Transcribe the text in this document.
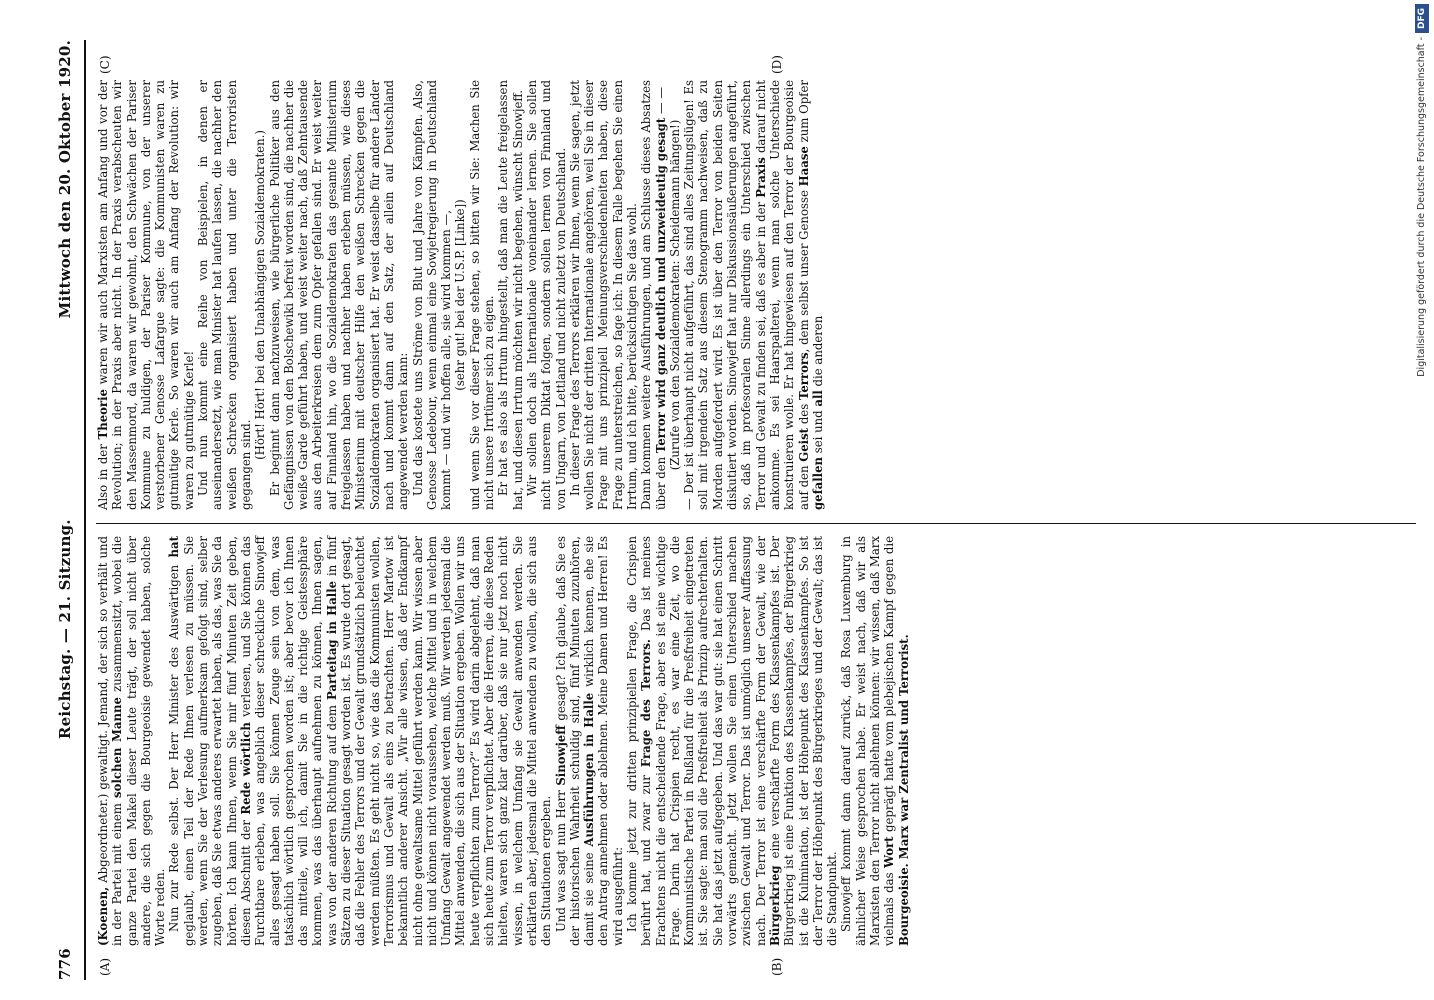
776
Reichstag. — 21. Sitzung.
Mittwoch den 20. Oktober 1920.
(A)	(B)
(C)	(D)

(Koenen, Abgeordneter.) gewaltigt. Jemand, der sich so verhält und in der Partei mit einem solchen Manne zusammensitzt, wobei die ganze Partei den Makel dieser Leute trägt, der soll nicht über andere, die sich gegen die Bourgeoisie gewendet haben, solche Worte reden. Nun zur Rede selbst. Der Herr Minister des Auswärtigen hat geglaubt, einen Teil der Rede Ihnen verlesen zu müssen. Sie werden, wenn Sie der Verlesung aufmerksam gefolgt sind, selber zugeben, daß Sie etwas anderes erwartet haben, als das, was Sie da hörten. Ich kann Ihnen, wenn Sie mir fünf Minuten Zeit geben, diesen Abschnitt der Rede wörtlich verlesen, und Sie können das Furchtbare erleben, was angeblich dieser schreckliche Sinowjeff alles gesagt haben soll. Sie können Zeuge sein von dem, was tatsächlich wörtlich gesprochen worden ist; aber bevor ich Ihnen das mitteile, will ich, damit Sie in die richtige Geistessphäre kommen, was das überhaupt aufnehmen zu können, Ihnen sagen, was von der anderen Richtung auf dem Parteitag in Halle in fünf Sätzen zu dieser Situation gesagt worden ist. Es wurde dort gesagt, daß die Fehler des Terrors und der Gewalt grundsätzlich beleuchtet werden müßten. Es geht nicht so, wie das die Kommunisten wollen, Terrorismus und Gewalt als eins zu betrachten. Herr Martow ist bekanntlich anderer Ansicht. „Wir alle wissen, daß der Endkampf nicht ohne gewaltsame Mittel geführt werden kann. Wir wissen aber nicht und können nicht voraussehen, welche Mittel und in welchem Umfang Gewalt angewendet werden muß. Wir werden jedesmal die Mittel anwenden, die sich aus der Situation ergeben. Wollen wir uns heute verpflichten zum Terror?“ Es wird darin abgelehnt, daß man sich heute zum Terror verpflichtet. Aber die Herren, die diese Reden hielten, waren sich ganz klar darüber, daß sie nur jetzt noch nicht wissen, in welchem Umfang sie Gewalt anwenden werden. Sie erklärten aber, jedesmal die Mittel anwenden zu wollen, die sich aus den Situationen ergeben. Und was sagt nun Herr Sinowjeff gesagt? Ich glaube, daß Sie es der historischen Wahrheit schuldig sind, fünf Minuten zuzuhören, damit sie seine Ausführungen in Halle wirklich kennen, ehe sie den Antrag annehmen oder ablehnen. Meine Damen und Herren! Es wird ausgeführt: Ich komme jetzt zur dritten prinzipiellen Frage, die Crispien berührt hat, und zwar zur Frage des Terrors. Das ist meines Erachtens nicht die entscheidende Frage, aber es ist eine wichtige Frage. Darin hat Crispien recht, es war eine Zeit, wo die Kommunistische Partei in Rußland für die Preßfreiheit eingetreten ist. Sie sagte: man soll die Preßfreiheit als Prinzip aufrechterhalten. Sie hat das jetzt aufgegeben. Und das war gut: sie hat einen Schritt vorwärts gemacht. Jetzt wollen Sie einen Unterschied machen zwischen Gewalt und Terror. Das ist unmöglich unserer Auffassung nach. Der Terror ist eine verschärfte Form der Gewalt, wie der Bürgerkrieg eine verschärfte Form des Klassenkampfes ist. Der Bürgerkrieg ist eine Funktion des Klassenkampfes, der Bürgerkrieg ist die Kulmination, ist der Höhepunkt des Klassenkampfes. So ist der Terror der Höhepunkt des Bürgerkrieges und der Gewalt; das ist die Standpunkt. Sinowjeff kommt dann darauf zurück, daß Rosa Luxemburg in ähnlicher Weise gesprochen habe. Er weist nach, daß wir als Marxisten den Terror nicht ablehnen können: wir wissen, daß Marx vielmals das Wort geprägt hatte vom plebejischen Kampf gegen die Bourgeoisie. Marx war Zentralist und Terrorist.

Also in der Theorie waren wir auch Marxisten am Anfang und vor der Revolution; in der Praxis aber nicht. In der Praxis verabscheuten wir den Massenmord, da waren wir gewohnt, den Schwächen der Pariser Kommune zu huldigen, der Pariser Kommune, von der unserer verstorbener Genosse Lafargue sagte: die Kommunisten waren zu gutmütige Kerle. So waren wir auch am Anfang der Revolution: wir waren zu gutmütige Kerle! Und nun kommt eine Reihe von Beispielen, in denen er auseinandersetzt, wie man Minister hat laufen lassen, die nachher den weißen Schrecken organisiert haben und unter die Terroristen gegangen sind.

(Hört! Hört! bei den Unabhängigen Sozialdemokraten.) Er beginnt dann nachzuweisen, wie bürgerliche Politiker aus den Gefängnissen von den Bolschewiki befreit worden sind, die nachher die weiße Garde geführt haben, und weist weiter nach, daß Zehntausende aus den Arbeiterkreisen dem zum Opfer gefallen sind. Er weist weiter auf Finnland hin, wo die Sozialdemokraten das gesamte Ministerium freigelassen haben und nachher haben erleben müssen, wie dieses Ministerium mit deutscher Hilfe den weißen Schrecken gegen die Sozialdemokraten organisiert hat. Er weist dasselbe für andere Länder nach und kommt dann auf den Satz, der allein auf Deutschland angewendet werden kann: Und das kostete uns Ströme von Blut und Jahre von Kämpfen. Also, Genosse Ledebour, wenn einmal eine Sowjetregierung in Deutschland kommt — und wir hoffen alle, sie wird kommen —, (sehr gut! bei der U.S.P. [Linke]) und wenn Sie vor dieser Frage stehen, so bitten wir Sie: Machen Sie nicht unsere Irrtümer sich zu eigen. Er hat es also als Irrtum hingestellt, daß man die Leute freigelassen hat, und diesen Irrtum möchten wir nicht begehen, wünscht Sinowjeff. Wir sollen doch als Internationale voneinander lernen. Sie sollen nicht unserem Diktat folgen, sondern sollen lernen von Finnland und von Ungarn, von Lettland und nicht zuletzt von Deutschland. In dieser Frage des Terrors erklären wir Ihnen, wenn Sie sagen, jetzt wollen Sie nicht der dritten Internationale angehören, weil Sie in dieser Frage mit uns prinzipiell Meinungsverschiedenheiten haben, diese Frage zu unterstreichen, so fage ich: In diesem Falle begehen Sie einen Irrtum, und ich bitte, berücksichtigen Sie das wohl. Dann kommen weitere Ausführungen, und am Schlusse dieses Absatzes über den Terror wird ganz deutlich und unzweideutig gesagt — —

(Zurufe von den Sozialdemokraten: Scheidemann hängen!) — Der ist überhaupt nicht aufgeführt, das sind alles Zeitungslügen! Es soll mit irgendein Satz aus diesem Stenogramm nachweisen, daß zu Morden aufgefordert wird. Es ist über den Terror von beiden Seiten diskutiert worden. Sinowjeff hat nur Diskussionsäußerungen angeführt, so, daß im profesoralen Sinne allerdings ein Unterschied zwischen Terror und Gewalt zu finden sei, daß es aber in der Praxis darauf nicht ankomme. Es sei Haarspalterei, wenn man solche Unterschiede konstruieren wolle. Er hat hingewiesen auf den Terror der Bourgeoisie auf den Geist des Terrors, dem selbst unser Genosse Haase zum Opfer gefallen sei und all die anderen	Digitalisierung gefördert durch die Deutsche Forschungsgemeinschaft -DFG
